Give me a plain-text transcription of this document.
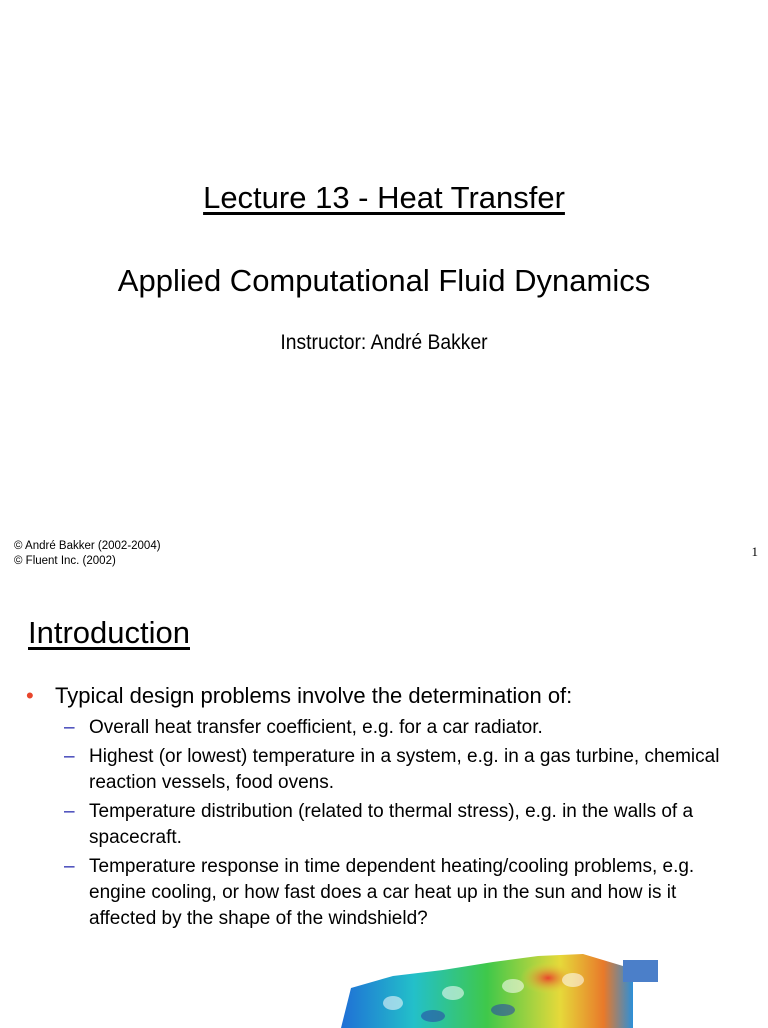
Lecture 13 - Heat Transfer
Applied Computational Fluid Dynamics
Instructor: André Bakker
© André Bakker (2002-2004)
© Fluent Inc. (2002)
1
Introduction
• Typical design problems involve the determination of:
– Overall heat transfer coefficient, e.g. for a car radiator.
– Highest (or lowest) temperature in a system, e.g. in a gas turbine, chemical reaction vessels, food ovens.
– Temperature distribution (related to thermal stress), e.g. in the walls of a spacecraft.
– Temperature response in time dependent heating/cooling problems, e.g. engine cooling, or how fast does a car heat up in the sun and how is it affected by the shape of the windshield?
